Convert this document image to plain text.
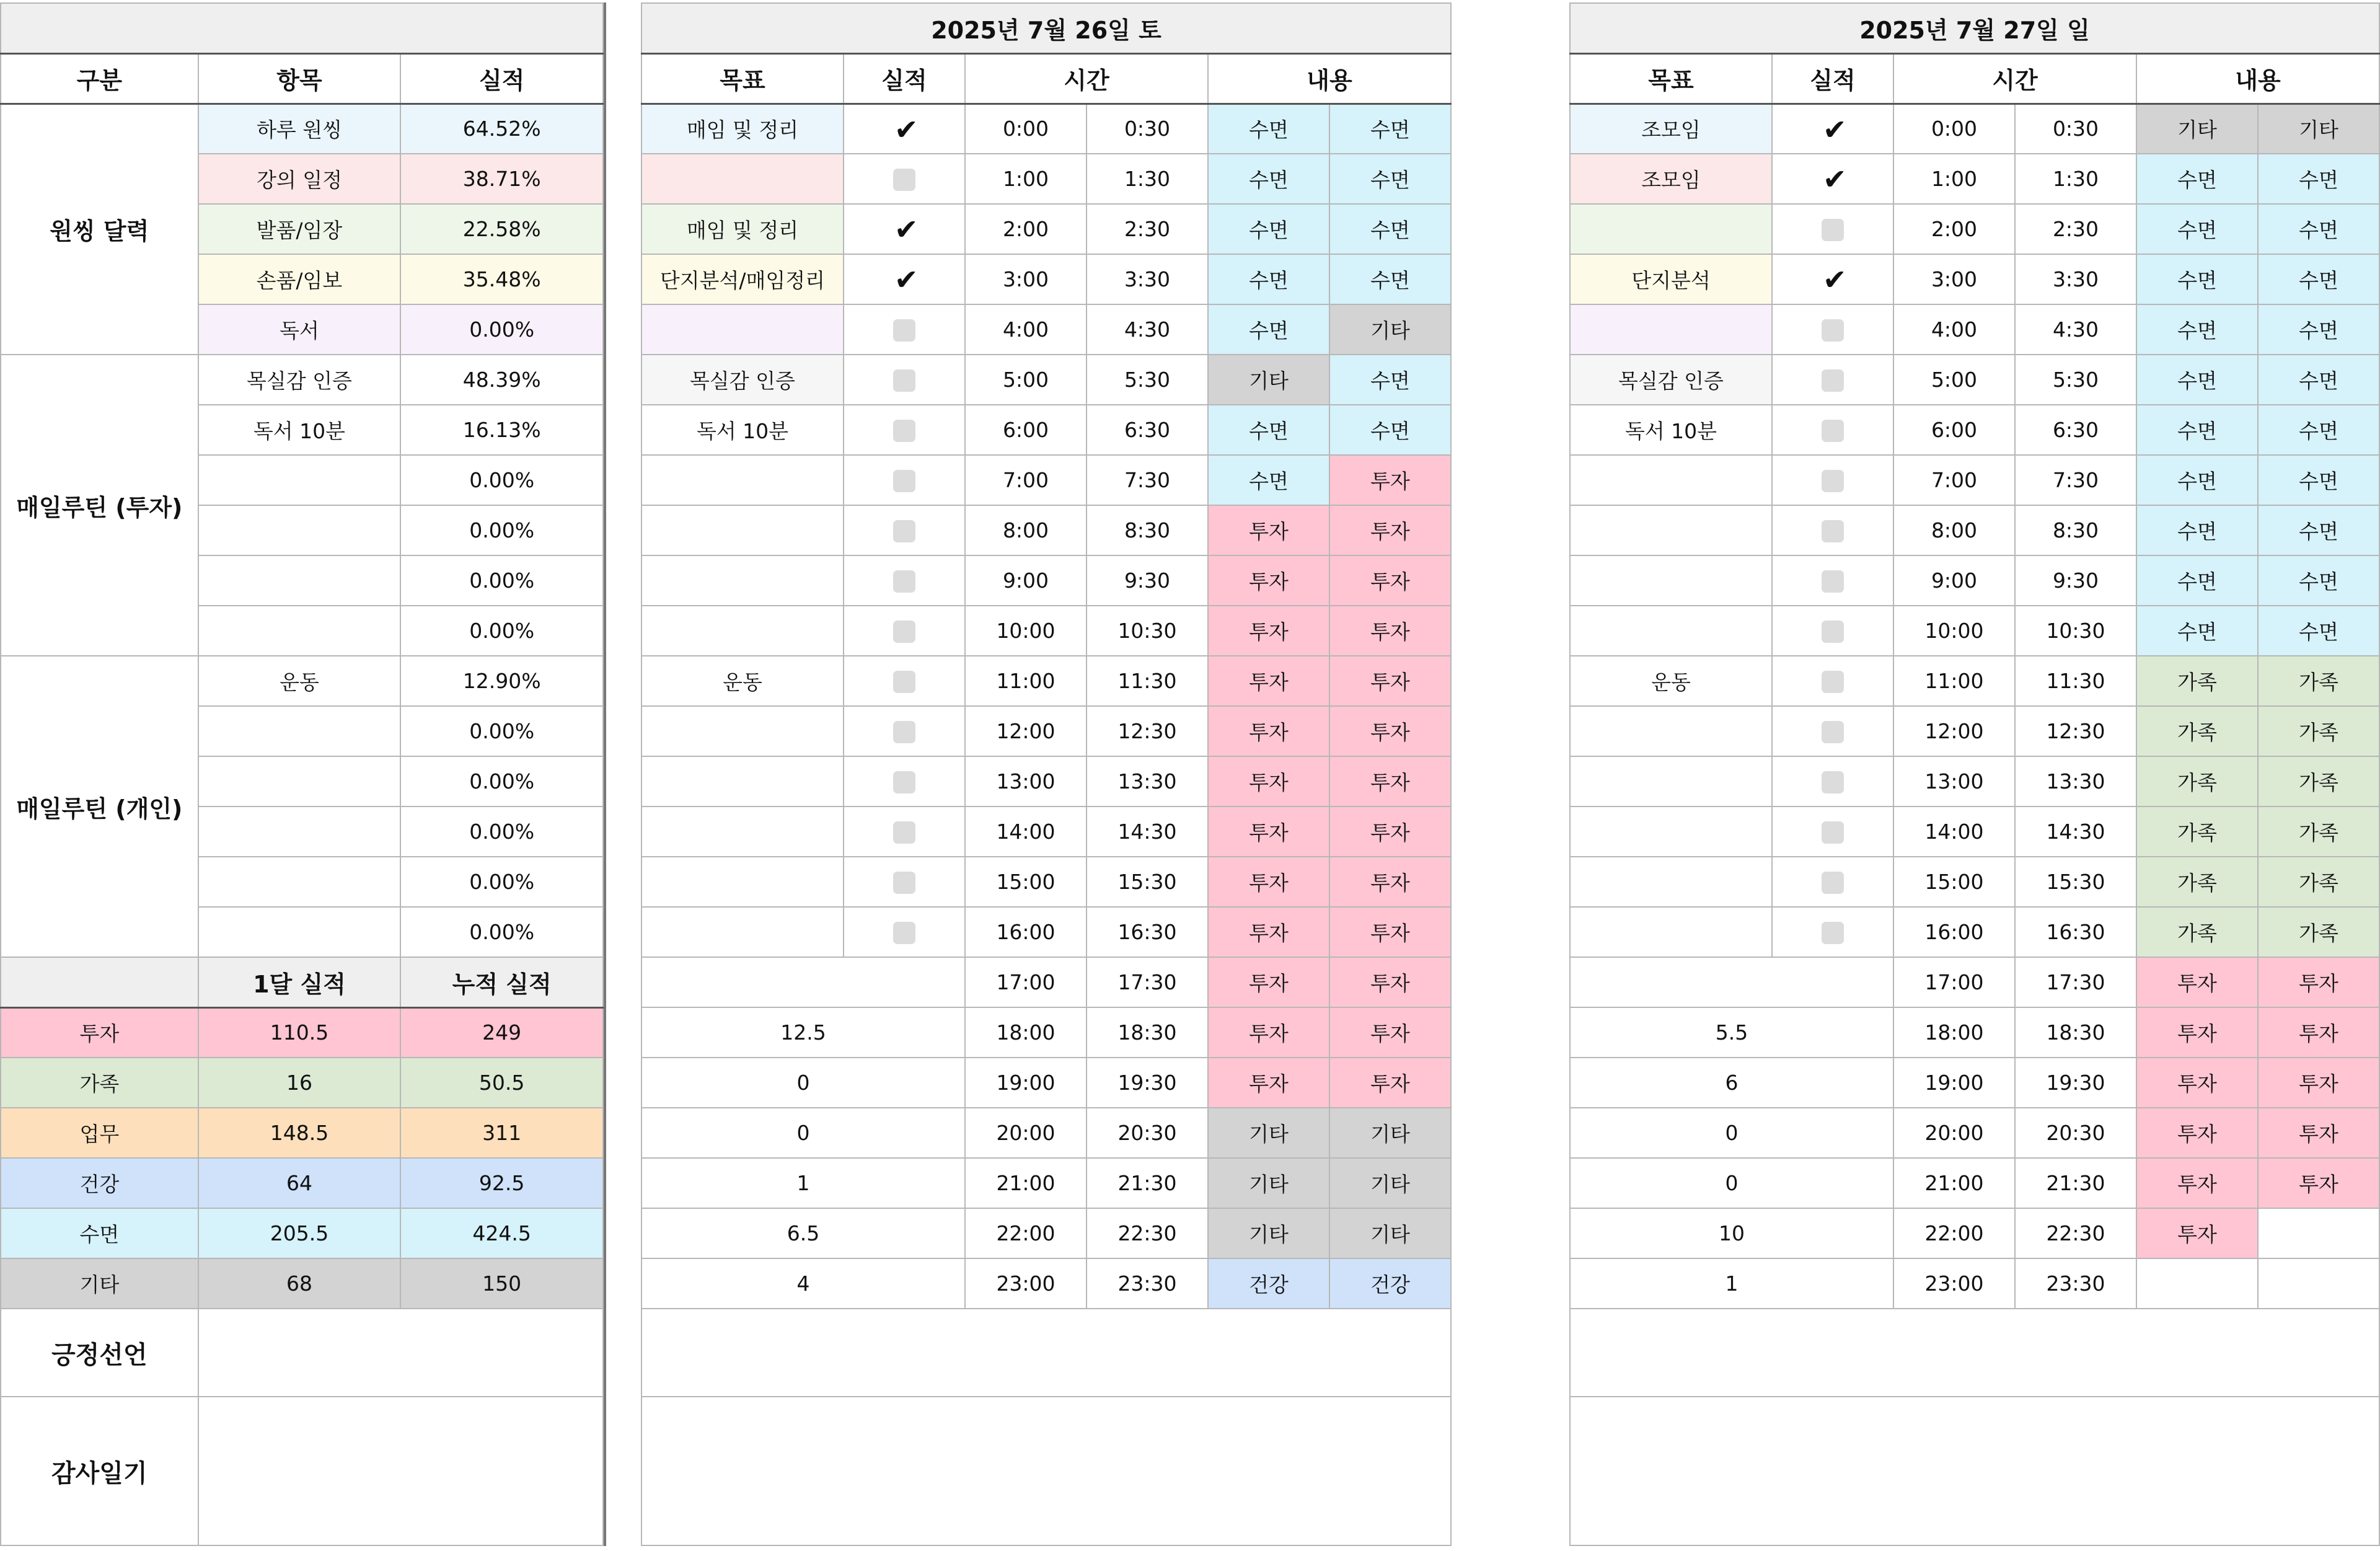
구분	항목	실적
원씽 달력	하루 원씽	64.52%
	강의 일정	38.71%
	발품/임장	22.58%
	손품/임보	35.48%
	독서	0.00%
매일루틴 (투자)	목실감 인증	48.39%
	독서 10분	16.13%
		0.00%
		0.00%
		0.00%
		0.00%
매일루틴 (개인)	운동	12.90%
		0.00%
		0.00%
		0.00%
		0.00%
		0.00%
	1달 실적	누적 실적
투자	110.5	249
가족	16	50.5
업무	148.5	311
건강	64	92.5
수면	205.5	424.5
기타	68	150
긍정선언		
감사일기		
2025년 7월 26일 토					
목표	실적	시간		내용	
매임 및 정리	✔	0:00	0:30	수면	수면
		1:00	1:30	수면	수면
매임 및 정리	✔	2:00	2:30	수면	수면
단지분석/매임정리	✔	3:00	3:30	수면	수면
		4:00	4:30	수면	기타
목실감 인증		5:00	5:30	기타	수면
독서 10분		6:00	6:30	수면	수면
		7:00	7:30	수면	투자
		8:00	8:30	투자	투자
		9:00	9:30	투자	투자
		10:00	10:30	투자	투자
운동		11:00	11:30	투자	투자
		12:00	12:30	투자	투자
		13:00	13:30	투자	투자
		14:00	14:30	투자	투자
		15:00	15:30	투자	투자
		16:00	16:30	투자	투자
		17:00	17:30	투자	투자
12.5		18:00	18:30	투자	투자
0		19:00	19:30	투자	투자
0		20:00	20:30	기타	기타
1		21:00	21:30	기타	기타
6.5		22:00	22:30	기타	기타
4		23:00	23:30	건강	건강

2025년 7월 27일 일					
목표	실적	시간		내용	
조모임	✔	0:00	0:30	기타	기타
조모임	✔	1:00	1:30	수면	수면
		2:00	2:30	수면	수면
단지분석	✔	3:00	3:30	수면	수면
		4:00	4:30	수면	수면
목실감 인증		5:00	5:30	수면	수면
독서 10분		6:00	6:30	수면	수면
		7:00	7:30	수면	수면
		8:00	8:30	수면	수면
		9:00	9:30	수면	수면
		10:00	10:30	수면	수면
운동		11:00	11:30	가족	가족
		12:00	12:30	가족	가족
		13:00	13:30	가족	가족
		14:00	14:30	가족	가족
		15:00	15:30	가족	가족
		16:00	16:30	가족	가족
		17:00	17:30	투자	투자
5.5		18:00	18:30	투자	투자
6		19:00	19:30	투자	투자
0		20:00	20:30	투자	투자
0		21:00	21:30	투자	투자
10		22:00	22:30	투자	
1		23:00	23:30		
